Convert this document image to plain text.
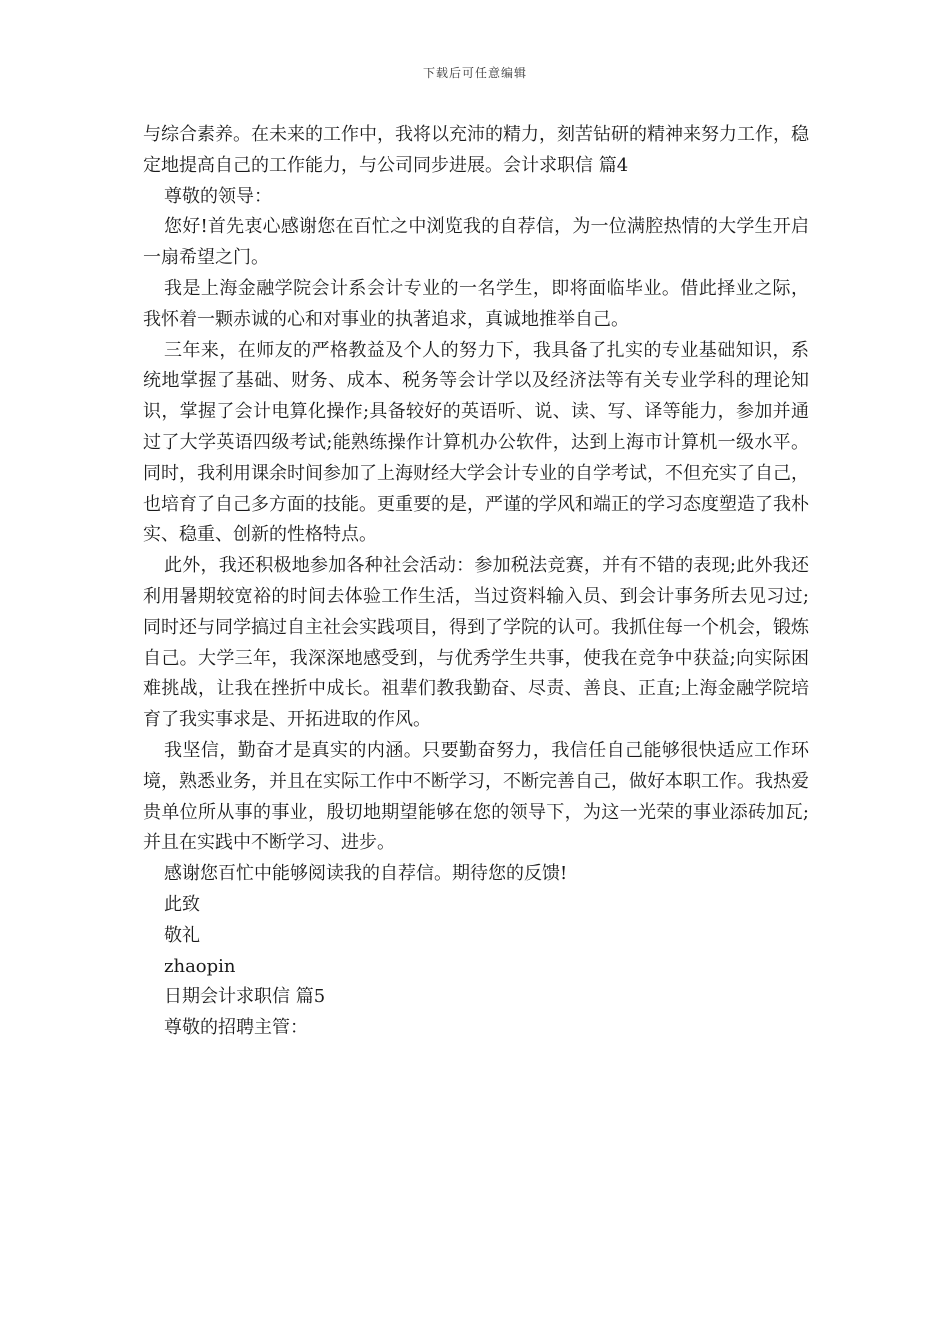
下载后可任意编辑

与综合素养。在未来的工作中，我将以充沛的精力，刻苦钻研的精神来努力工作，稳定地提高自己的工作能力，与公司同步进展。会计求职信 篇4

尊敬的领导：

您好!首先衷心感谢您在百忙之中浏览我的自荐信，为一位满腔热情的大学生开启一扇希望之门。

我是上海金融学院会计系会计专业的一名学生，即将面临毕业。借此择业之际，我怀着一颗赤诚的心和对事业的执著追求，真诚地推举自己。

三年来，在师友的严格教益及个人的努力下，我具备了扎实的专业基础知识，系统地掌握了基础、财务、成本、税务等会计学以及经济法等有关专业学科的理论知识，掌握了会计电算化操作;具备较好的英语听、说、读、写、译等能力，参加并通过了大学英语四级考试;能熟练操作计算机办公软件，达到上海市计算机一级水平。同时，我利用课余时间参加了上海财经大学会计专业的自学考试，不但充实了自己，也培育了自己多方面的技能。更重要的是，严谨的学风和端正的学习态度塑造了我朴实、稳重、创新的性格特点。

此外，我还积极地参加各种社会活动：参加税法竞赛，并有不错的表现;此外我还利用暑期较宽裕的时间去体验工作生活，当过资料输入员、到会计事务所去见习过;同时还与同学搞过自主社会实践项目，得到了学院的认可。我抓住每一个机会，锻炼自己。大学三年，我深深地感受到，与优秀学生共事，使我在竞争中获益;向实际困难挑战，让我在挫折中成长。祖辈们教我勤奋、尽责、善良、正直;上海金融学院培育了我实事求是、开拓进取的作风。

我坚信，勤奋才是真实的内涵。只要勤奋努力，我信任自己能够很快适应工作环境，熟悉业务，并且在实际工作中不断学习，不断完善自己，做好本职工作。我热爱贵单位所从事的事业，殷切地期望能够在您的领导下，为这一光荣的事业添砖加瓦;并且在实践中不断学习、进步。

感谢您百忙中能够阅读我的自荐信。期待您的反馈!

此致

敬礼

zhaopin

日期会计求职信 篇5

尊敬的招聘主管：
